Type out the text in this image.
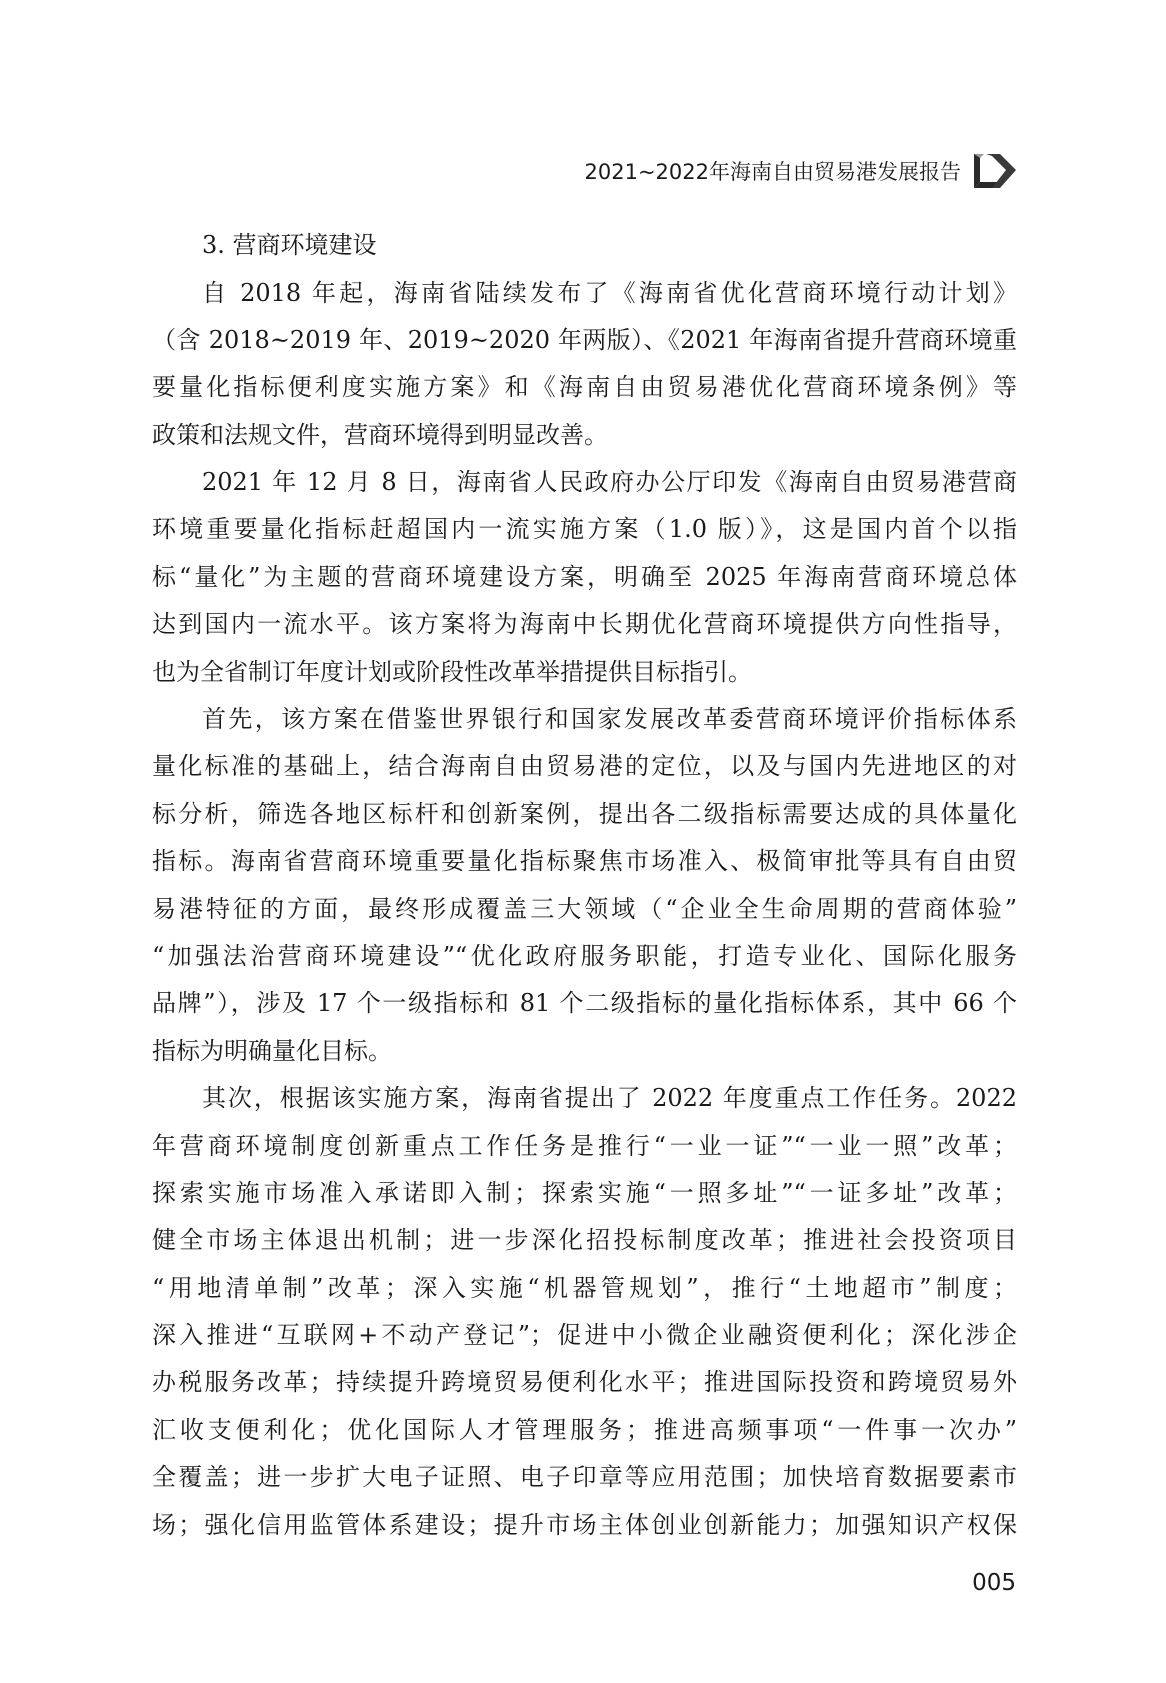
2021~2022年海南自由贸易港发展报告
3. 营商环境建设
自 2018 年起，海南省陆续发布了《海南省优化营商环境行动计划》
（含 2018~2019 年、2019~2020 年两版）、《2021 年海南省提升营商环境重
要量化指标便利度实施方案》和《海南自由贸易港优化营商环境条例》等
政策和法规文件，营商环境得到明显改善。
2021 年 12 月 8 日，海南省人民政府办公厅印发《海南自由贸易港营商
环境重要量化指标赶超国内一流实施方案（1.0 版）》，这是国内首个以指
标“量化”为主题的营商环境建设方案，明确至 2025 年海南营商环境总体
达到国内一流水平。该方案将为海南中长期优化营商环境提供方向性指导，
也为全省制订年度计划或阶段性改革举措提供目标指引。
首先，该方案在借鉴世界银行和国家发展改革委营商环境评价指标体系
量化标准的基础上，结合海南自由贸易港的定位，以及与国内先进地区的对
标分析，筛选各地区标杆和创新案例，提出各二级指标需要达成的具体量化
指标。海南省营商环境重要量化指标聚焦市场准入、极简审批等具有自由贸
易港特征的方面，最终形成覆盖三大领域（“企业全生命周期的营商体验”
“加强法治营商环境建设”“优化政府服务职能，打造专业化、国际化服务
品牌”），涉及 17 个一级指标和 81 个二级指标的量化指标体系，其中 66 个
指标为明确量化目标。
其次，根据该实施方案，海南省提出了 2022 年度重点工作任务。2022
年营商环境制度创新重点工作任务是推行“一业一证”“一业一照”改革；
探索实施市场准入承诺即入制；探索实施“一照多址”“一证多址”改革；
健全市场主体退出机制；进一步深化招投标制度改革；推进社会投资项目
“用地清单制”改革；深入实施“机器管规划”，推行“土地超市”制度；
深入推进“互联网+不动产登记”；促进中小微企业融资便利化；深化涉企
办税服务改革；持续提升跨境贸易便利化水平；推进国际投资和跨境贸易外
汇收支便利化；优化国际人才管理服务；推进高频事项“一件事一次办”
全覆盖；进一步扩大电子证照、电子印章等应用范围；加快培育数据要素市
场；强化信用监管体系建设；提升市场主体创业创新能力；加强知识产权保
005
